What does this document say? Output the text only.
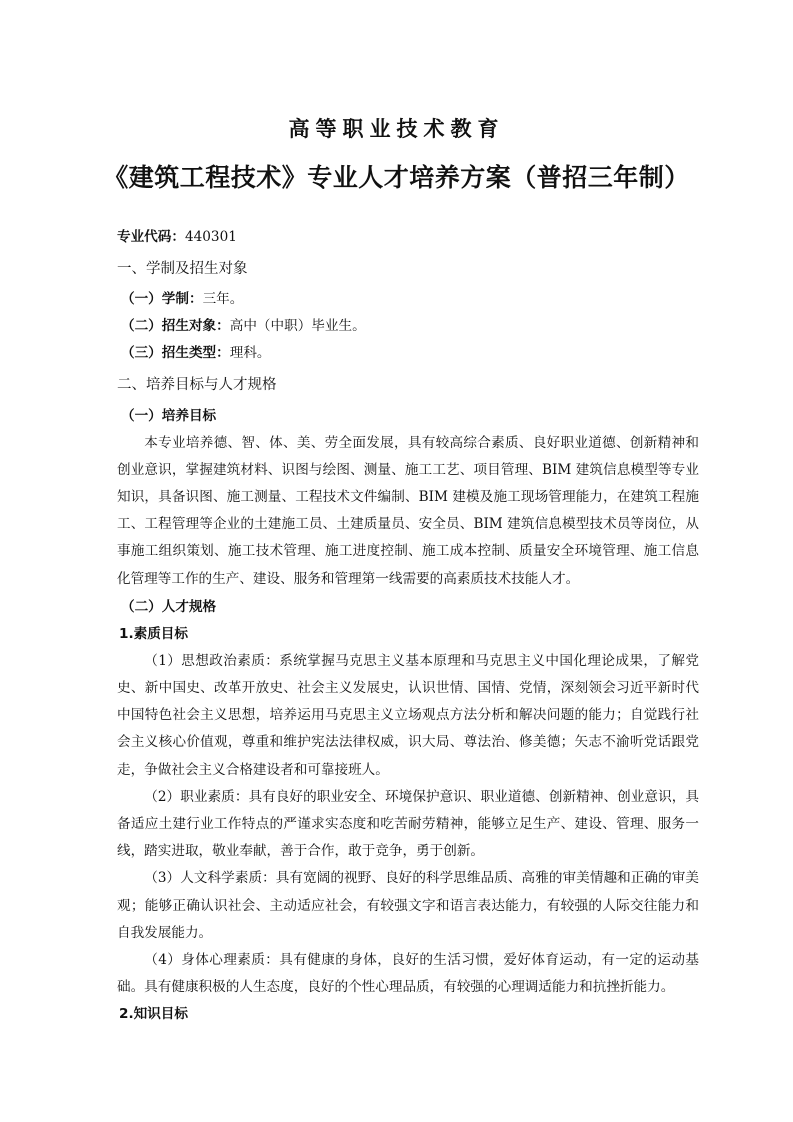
高等职业技术教育
《建筑工程技术》专业人才培养方案（普招三年制）
专业代码：440301
一、学制及招生对象
（一）学制：三年。
（二）招生对象：高中（中职）毕业生。
（三）招生类型：理科。
二、培养目标与人才规格
（一）培养目标

本专业培养德、智、体、美、劳全面发展，具有较高综合素质、良好职业道德、创新精神和创业意识，掌握建筑材料、识图与绘图、测量、施工工艺、项目管理、BIM 建筑信息模型等专业知识，具备识图、施工测量、工程技术文件编制、BIM 建模及施工现场管理能力，在建筑工程施工、工程管理等企业的土建施工员、土建质量员、安全员、BIM 建筑信息模型技术员等岗位，从事施工组织策划、施工技术管理、施工进度控制、施工成本控制、质量安全环境管理、施工信息化管理等工作的生产、建设、服务和管理第一线需要的高素质技术技能人才。

（二）人才规格
1.素质目标

（1）思想政治素质：系统掌握马克思主义基本原理和马克思主义中国化理论成果，了解党史、新中国史、改革开放史、社会主义发展史，认识世情、国情、党情，深刻领会习近平新时代中国特色社会主义思想，培养运用马克思主义立场观点方法分析和解决问题的能力；自觉践行社会主义核心价值观，尊重和维护宪法法律权威，识大局、尊法治、修美德；矢志不渝听党话跟党走，争做社会主义合格建设者和可靠接班人。

（2）职业素质：具有良好的职业安全、环境保护意识、职业道德、创新精神、创业意识，具备适应土建行业工作特点的严谨求实态度和吃苦耐劳精神，能够立足生产、建设、管理、服务一线，踏实进取，敬业奉献，善于合作，敢于竞争，勇于创新。

（3）人文科学素质：具有宽阔的视野、良好的科学思维品质、高雅的审美情趣和正确的审美观；能够正确认识社会、主动适应社会，有较强文字和语言表达能力，有较强的人际交往能力和自我发展能力。

（4）身体心理素质：具有健康的身体，良好的生活习惯，爱好体育运动，有一定的运动基础。具有健康积极的人生态度，良好的个性心理品质，有较强的心理调适能力和抗挫折能力。

2.知识目标
